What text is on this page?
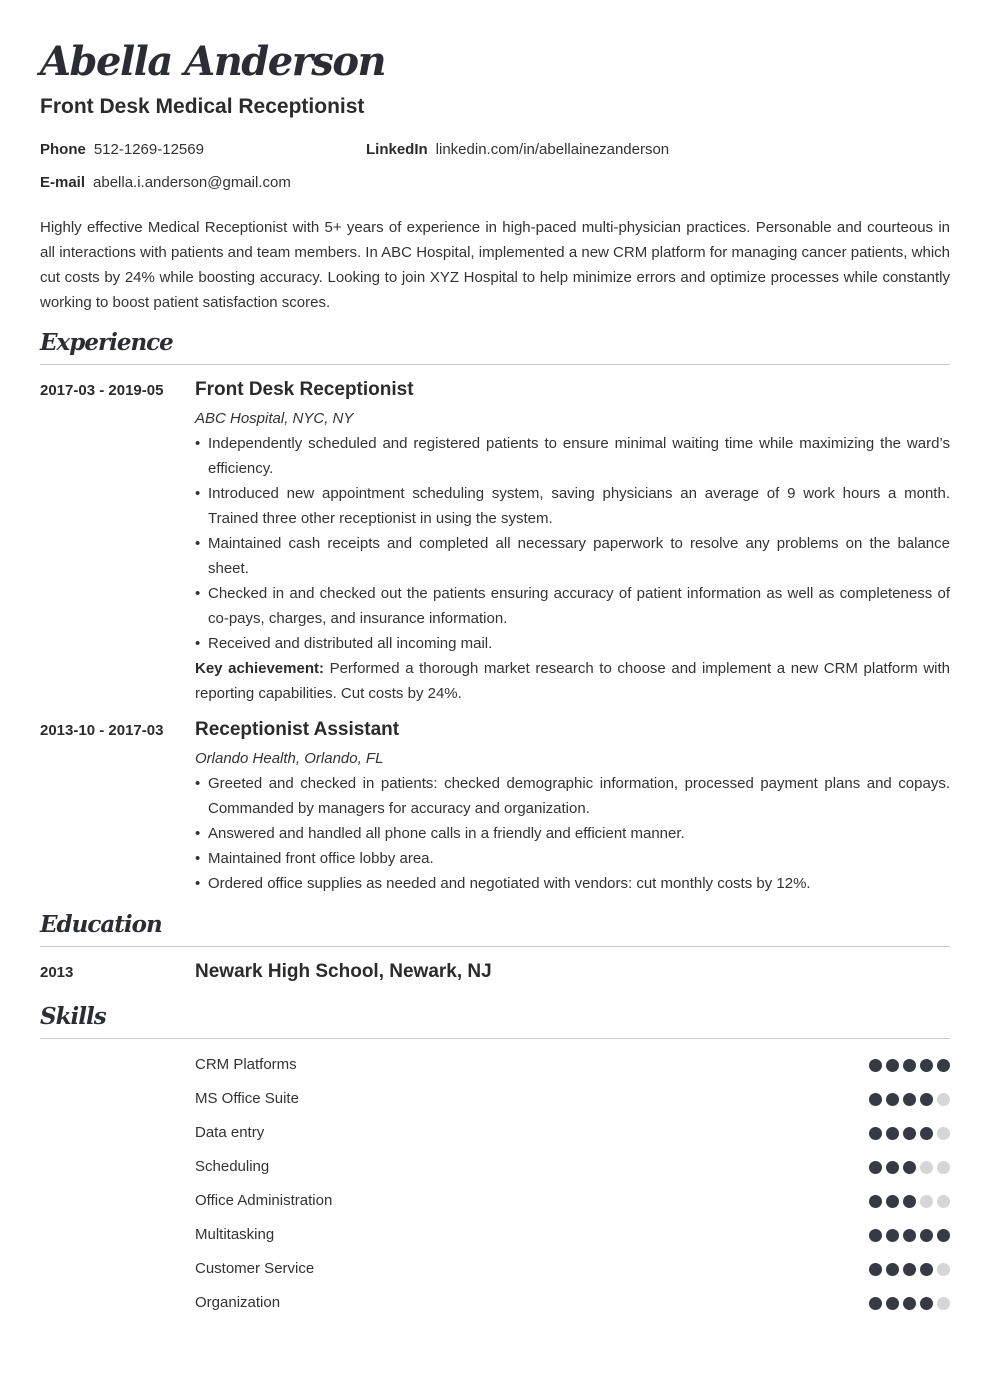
Abella Anderson
Front Desk Medical Receptionist
Phone 512-1269-12569	LinkedIn linkedin.com/in/abellainezanderson
E-mail abella.i.anderson@gmail.com

Highly effective Medical Receptionist with 5+ years of experience in high-paced multi-physician practices. Personable and courteous in all interactions with patients and team members. In ABC Hospital, implemented a new CRM platform for managing cancer patients, which cut costs by 24% while boosting accuracy. Looking to join XYZ Hospital to help minimize errors and optimize processes while constantly working to boost patient satisfaction scores.

Experience
2017-03 - 2019-05 Front Desk Receptionist
ABC Hospital, NYC, NY
• Independently scheduled and registered patients to ensure minimal waiting time while maximizing the ward’s efficiency.
• Introduced new appointment scheduling system, saving physicians an average of 9 work hours a month. Trained three other receptionist in using the system.
• Maintained cash receipts and completed all necessary paperwork to resolve any problems on the balance sheet.
• Checked in and checked out the patients ensuring accuracy of patient information as well as completeness of co-pays, charges, and insurance information.
• Received and distributed all incoming mail.

Key achievement: Performed a thorough market research to choose and implement a new CRM platform with reporting capabilities. Cut costs by 24%.

2013-10 - 2017-03 Receptionist Assistant
Orlando Health, Orlando, FL
• Greeted and checked in patients: checked demographic information, processed payment plans and copays. Commanded by managers for accuracy and organization.
• Answered and handled all phone calls in a friendly and efficient manner.
• Maintained front office lobby area.
• Ordered office supplies as needed and negotiated with vendors: cut monthly costs by 12%.
Education
2013	Newark High School, Newark, NJ
Skills
CRM Platforms
MS Office Suite
Data entry
Scheduling
Office Administration
Multitasking
Customer Service
Organization
